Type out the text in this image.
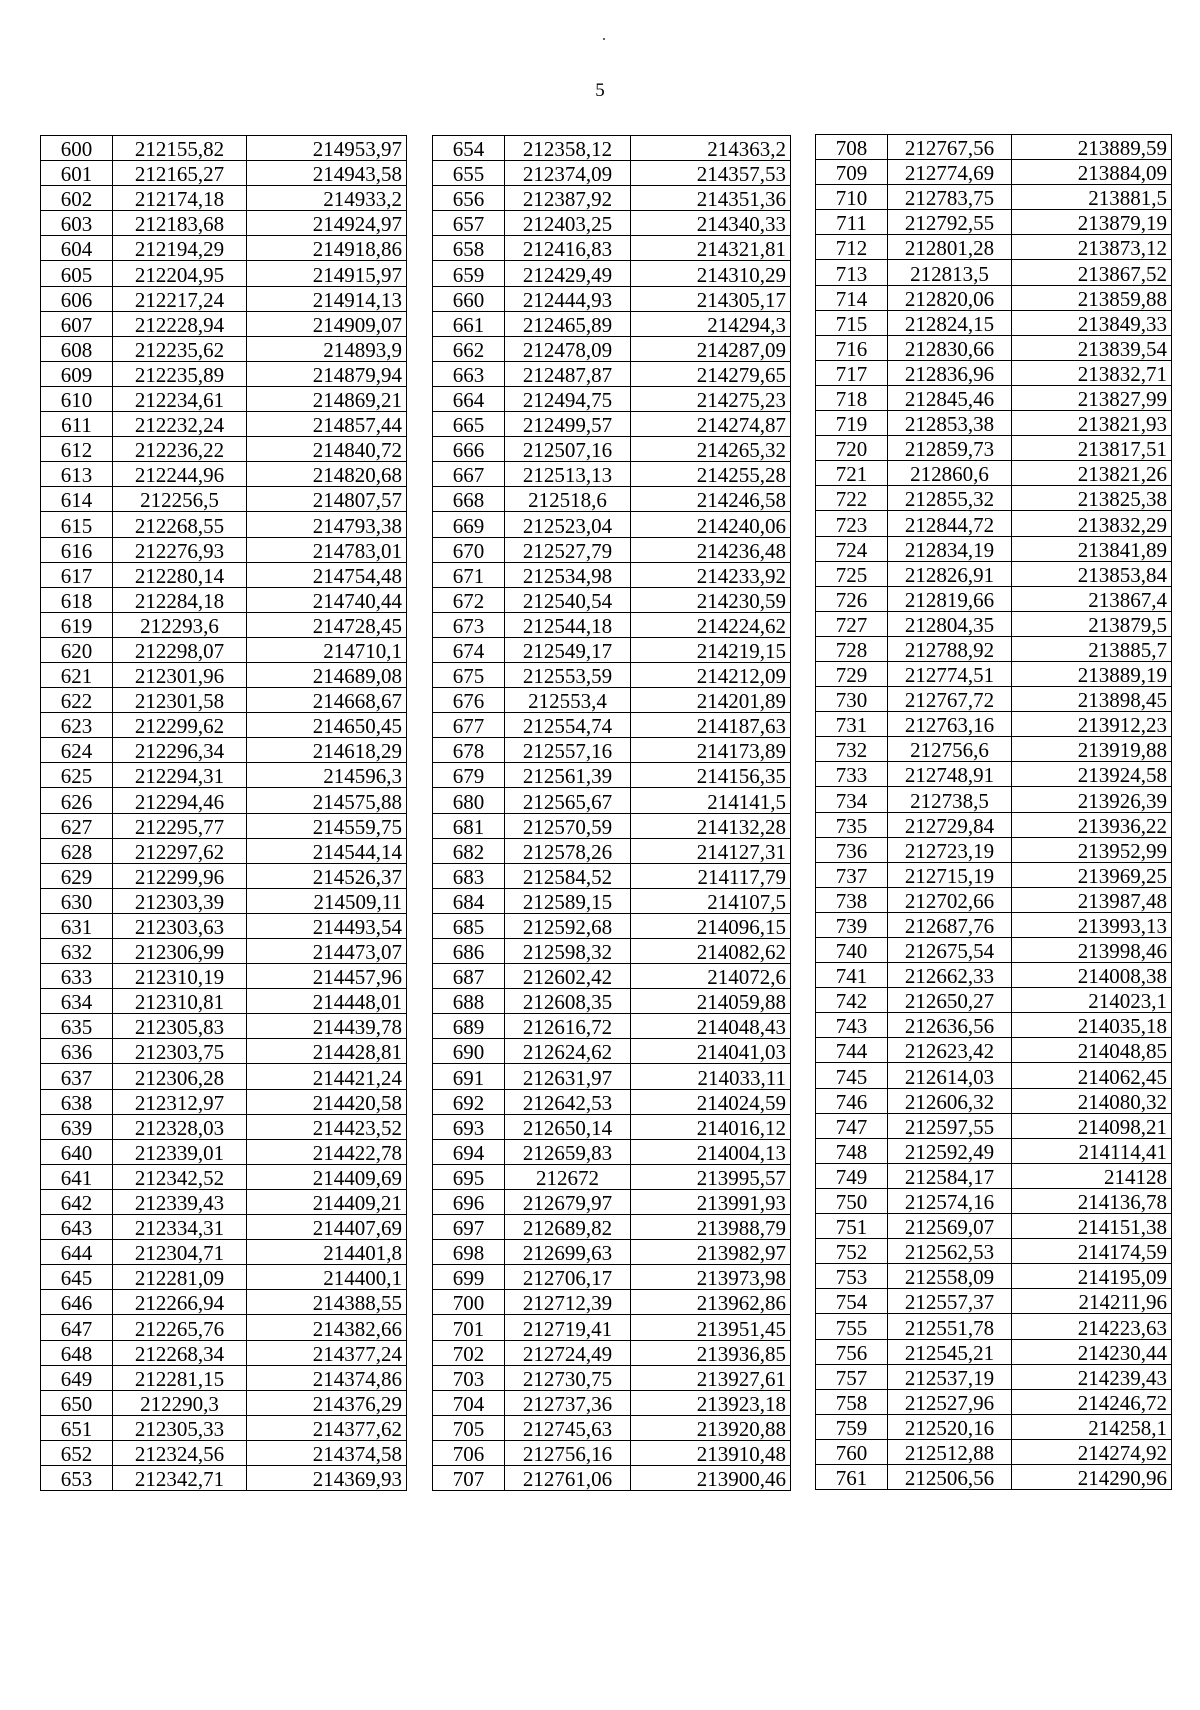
5
600	212155,82	214953,97
601	212165,27	214943,58
602	212174,18	214933,2
603	212183,68	214924,97
604	212194,29	214918,86
605	212204,95	214915,97
606	212217,24	214914,13
607	212228,94	214909,07
608	212235,62	214893,9
609	212235,89	214879,94
610	212234,61	214869,21
611	212232,24	214857,44
612	212236,22	214840,72
613	212244,96	214820,68
614	212256,5	214807,57
615	212268,55	214793,38
616	212276,93	214783,01
617	212280,14	214754,48
618	212284,18	214740,44
619	212293,6	214728,45
620	212298,07	214710,1
621	212301,96	214689,08
622	212301,58	214668,67
623	212299,62	214650,45
624	212296,34	214618,29
625	212294,31	214596,3
626	212294,46	214575,88
627	212295,77	214559,75
628	212297,62	214544,14
629	212299,96	214526,37
630	212303,39	214509,11
631	212303,63	214493,54
632	212306,99	214473,07
633	212310,19	214457,96
634	212310,81	214448,01
635	212305,83	214439,78
636	212303,75	214428,81
637	212306,28	214421,24
638	212312,97	214420,58
639	212328,03	214423,52
640	212339,01	214422,78
641	212342,52	214409,69
642	212339,43	214409,21
643	212334,31	214407,69
644	212304,71	214401,8
645	212281,09	214400,1
646	212266,94	214388,55
647	212265,76	214382,66
648	212268,34	214377,24
649	212281,15	214374,86
650	212290,3	214376,29
651	212305,33	214377,62
652	212324,56	214374,58
653	212342,71	214369,93
654	212358,12	214363,2
655	212374,09	214357,53
656	212387,92	214351,36
657	212403,25	214340,33
658	212416,83	214321,81
659	212429,49	214310,29
660	212444,93	214305,17
661	212465,89	214294,3
662	212478,09	214287,09
663	212487,87	214279,65
664	212494,75	214275,23
665	212499,57	214274,87
666	212507,16	214265,32
667	212513,13	214255,28
668	212518,6	214246,58
669	212523,04	214240,06
670	212527,79	214236,48
671	212534,98	214233,92
672	212540,54	214230,59
673	212544,18	214224,62
674	212549,17	214219,15
675	212553,59	214212,09
676	212553,4	214201,89
677	212554,74	214187,63
678	212557,16	214173,89
679	212561,39	214156,35
680	212565,67	214141,5
681	212570,59	214132,28
682	212578,26	214127,31
683	212584,52	214117,79
684	212589,15	214107,5
685	212592,68	214096,15
686	212598,32	214082,62
687	212602,42	214072,6
688	212608,35	214059,88
689	212616,72	214048,43
690	212624,62	214041,03
691	212631,97	214033,11
692	212642,53	214024,59
693	212650,14	214016,12
694	212659,83	214004,13
695	212672	213995,57
696	212679,97	213991,93
697	212689,82	213988,79
698	212699,63	213982,97
699	212706,17	213973,98
700	212712,39	213962,86
701	212719,41	213951,45
702	212724,49	213936,85
703	212730,75	213927,61
704	212737,36	213923,18
705	212745,63	213920,88
706	212756,16	213910,48
707	212761,06	213900,46
708	212767,56	213889,59
709	212774,69	213884,09
710	212783,75	213881,5
711	212792,55	213879,19
712	212801,28	213873,12
713	212813,5	213867,52
714	212820,06	213859,88
715	212824,15	213849,33
716	212830,66	213839,54
717	212836,96	213832,71
718	212845,46	213827,99
719	212853,38	213821,93
720	212859,73	213817,51
721	212860,6	213821,26
722	212855,32	213825,38
723	212844,72	213832,29
724	212834,19	213841,89
725	212826,91	213853,84
726	212819,66	213867,4
727	212804,35	213879,5
728	212788,92	213885,7
729	212774,51	213889,19
730	212767,72	213898,45
731	212763,16	213912,23
732	212756,6	213919,88
733	212748,91	213924,58
734	212738,5	213926,39
735	212729,84	213936,22
736	212723,19	213952,99
737	212715,19	213969,25
738	212702,66	213987,48
739	212687,76	213993,13
740	212675,54	213998,46
741	212662,33	214008,38
742	212650,27	214023,1
743	212636,56	214035,18
744	212623,42	214048,85
745	212614,03	214062,45
746	212606,32	214080,32
747	212597,55	214098,21
748	212592,49	214114,41
749	212584,17	214128
750	212574,16	214136,78
751	212569,07	214151,38
752	212562,53	214174,59
753	212558,09	214195,09
754	212557,37	214211,96
755	212551,78	214223,63
756	212545,21	214230,44
757	212537,19	214239,43
758	212527,96	214246,72
759	212520,16	214258,1
760	212512,88	214274,92
761	212506,56	214290,96
